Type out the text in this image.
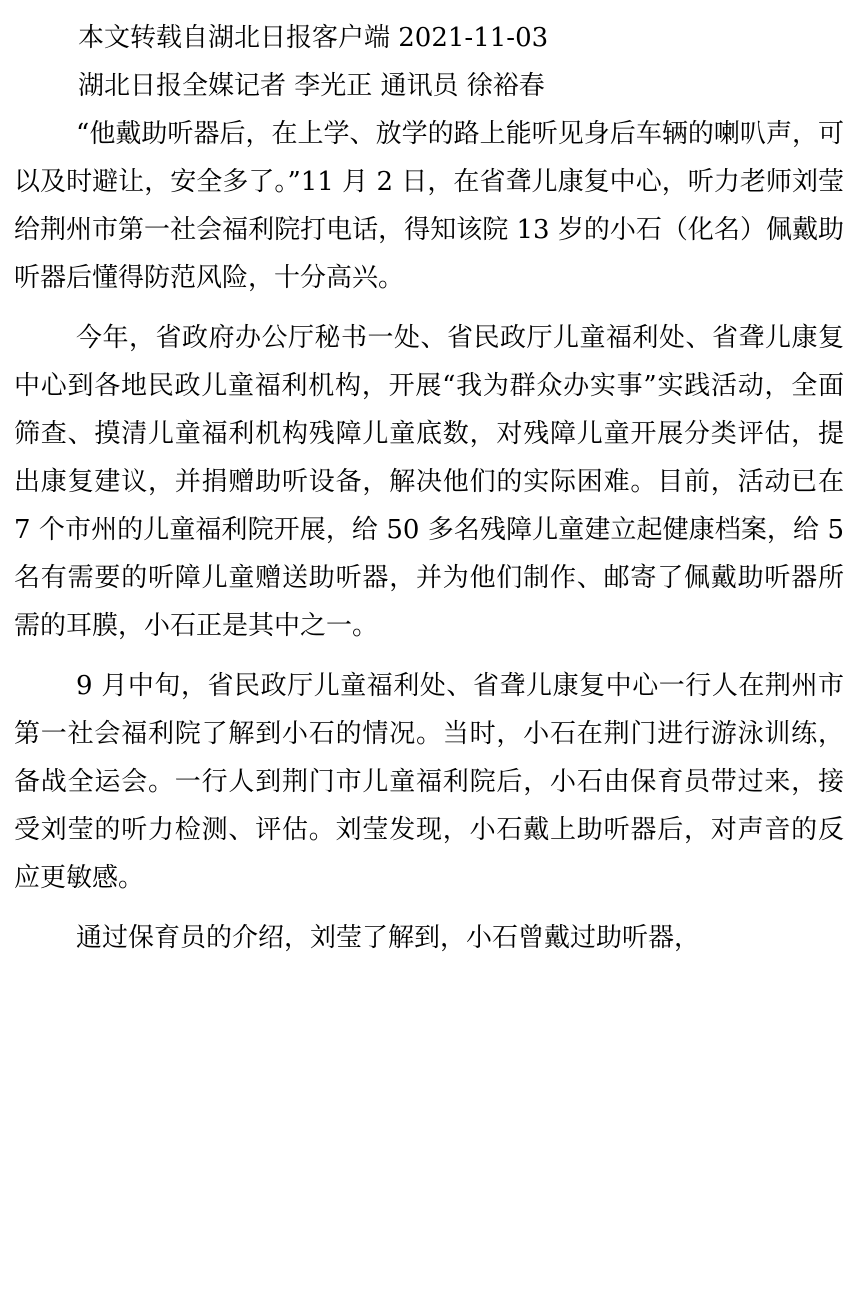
本文转载自湖北日报客户端 2021-11-03

湖北日报全媒记者 李光正 通讯员 徐裕春

“他戴助听器后，在上学、放学的路上能听见身后车辆的喇叭声，可以及时避让，安全多了。”11 月 2 日，在省聋儿康复中心，听力老师刘莹给荆州市第一社会福利院打电话，得知该院 13 岁的小石（化名）佩戴助听器后懂得防范风险，十分高兴。

今年，省政府办公厅秘书一处、省民政厅儿童福利处、省聋儿康复中心到各地民政儿童福利机构，开展“我为群众办实事”实践活动，全面筛查、摸清儿童福利机构残障儿童底数，对残障儿童开展分类评估，提出康复建议，并捐赠助听设备，解决他们的实际困难。目前，活动已在 7 个市州的儿童福利院开展，给 50 多名残障儿童建立起健康档案，给 5 名有需要的听障儿童赠送助听器，并为他们制作、邮寄了佩戴助听器所需的耳膜，小石正是其中之一。

9 月中旬，省民政厅儿童福利处、省聋儿康复中心一行人在荆州市第一社会福利院了解到小石的情况。当时，小石在荆门进行游泳训练，备战全运会。一行人到荆门市儿童福利院后，小石由保育员带过来，接受刘莹的听力检测、评估。刘莹发现，小石戴上助听器后，对声音的反应更敏感。

通过保育员的介绍，刘莹了解到，小石曾戴过助听器，
